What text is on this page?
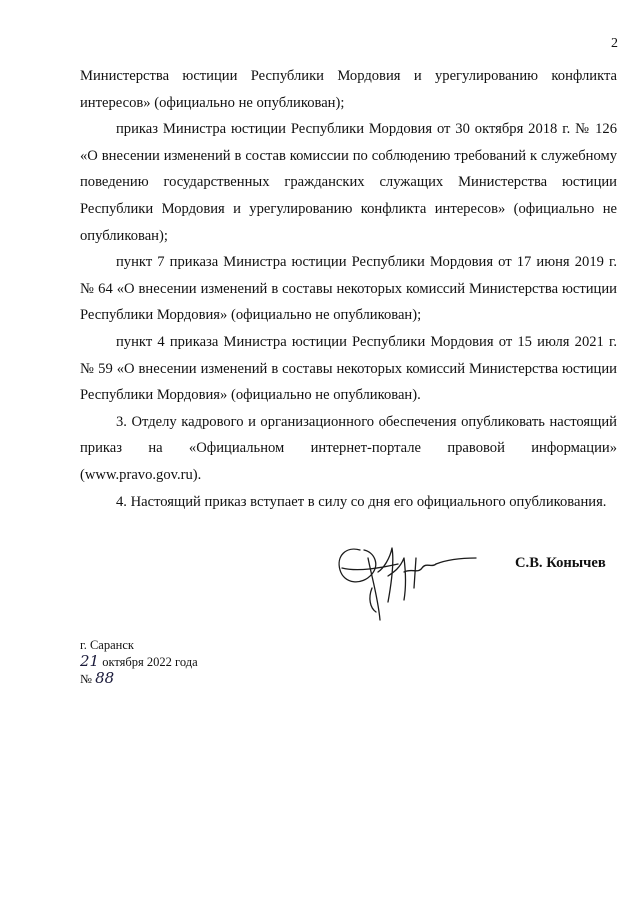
2

Министерства юстиции Республики Мордовия и урегулированию конфликта интересов» (официально не опубликован);

приказ Министра юстиции Республики Мордовия от 30 октября 2018 г. № 126 «О внесении изменений в состав комиссии по соблюдению требований к служебному поведению государственных гражданских служащих Министерства юстиции Республики Мордовия и урегулированию конфликта интересов» (официально не опубликован);

пункт 7 приказа Министра юстиции Республики Мордовия от 17 июня 2019 г. № 64 «О внесении изменений в составы некоторых комиссий Министерства юстиции Республики Мордовия» (официально не опубликован);

пункт 4 приказа Министра юстиции Республики Мордовия от 15 июля 2021 г. № 59 «О внесении изменений в составы некоторых комиссий Министерства юстиции Республики Мордовия» (официально не опубликован).

3. Отделу кадрового и организационного обеспечения опубликовать настоящий приказ на «Официальном интернет-портале правовой информации» (www.pravo.gov.ru).

4. Настоящий приказ вступает в силу со дня его официального опубликования.

С.В. Конычев
г. Саранск
21 октября 2022 года
№ 88
